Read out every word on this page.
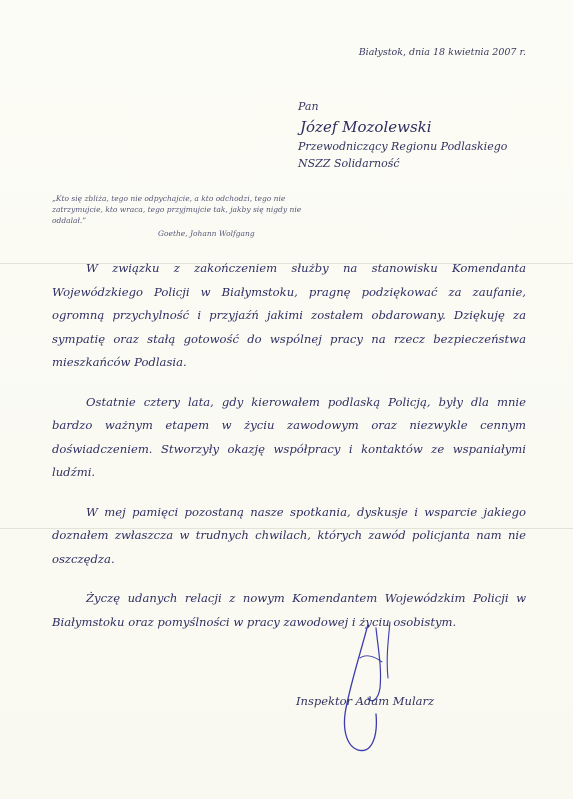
Białystok, dnia 18 kwietnia 2007 r.
Pan
Józef Mozolewski
Przewodniczący Regionu Podlaskiego
NSZZ Solidarność
„Kto się zbliża, tego nie odpychajcie, a kto odchodzi, tego nie zatrzymujcie, kto wraca, tego przyjmujcie tak, jakby się nigdy nie oddalał.”
Goethe, Johann Wolfgang

W związku z zakończeniem służby na stanowisku Komendanta Wojewódzkiego Policji w Białymstoku, pragnę podziękować za zaufanie, ogromną przychylność i przyjaźń jakimi zostałem obdarowany. Dziękuję za sympatię oraz stałą gotowość do wspólnej pracy na rzecz bezpieczeństwa mieszkańców Podlasia.

Ostatnie cztery lata, gdy kierowałem podlaską Policją, były dla mnie bardzo ważnym etapem w życiu zawodowym oraz niezwykle cennym doświadczeniem. Stworzyły okazję współpracy i kontaktów ze wspaniałymi ludźmi.

W mej pamięci pozostaną nasze spotkania, dyskusje i wsparcie jakiego doznałem zwłaszcza w trudnych chwilach, których zawód policjanta nam nie oszczędza.

Życzę udanych relacji z nowym Komendantem Wojewódzkim Policji w Białymstoku oraz pomyślności w pracy zawodowej i życiu osobistym.

Inspektor Adam Mularz
